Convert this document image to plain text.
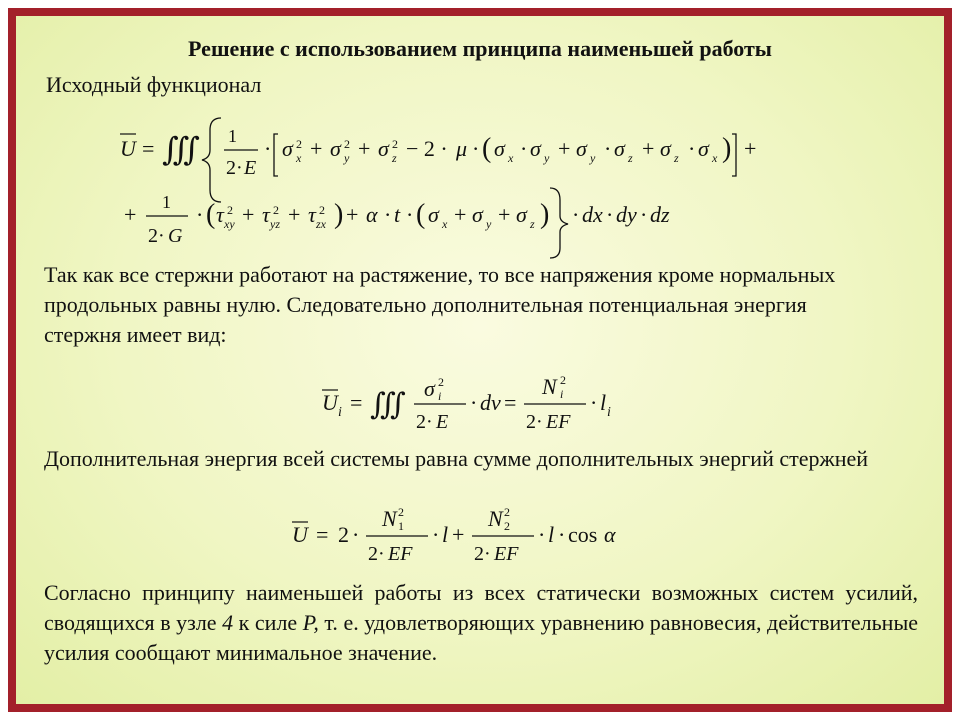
Решение с использованием принципа наименьшей работы
Исходный функционал
U = ∭ 1
2· E
· σ 2
x + σ 2
y + σ 2
z − 2 · μ · ( σ x · σ y + σ y · σ z + σ z · σ x ) +
+ 1
2· G
· ( τ 2
xy + τ 2
yz + τ 2
zx ) + α · t · ( σ x + σ y + σ z ) · dx · dy · dz
Так как все стержни работают на растяжение, то все напряжения кроме нормальных продольных равны нулю. Следовательно дополнительная потенциальная энергия стержня имеет вид:
U i = ∭ σ 2
i
2· E
· dv =
N 2
i
2· EF
· l i
Дополнительная энергия всей системы равна сумме дополнительных энергий стержней
U = 2 ·
N 2
1
2· EF
· l +
N 2
2
2· EF
· l · cos α
Согласно принципу наименьшей работы из всех статически возможных систем усилий, сводящихся в узле 4 к силе P, т. е. удовлетворяющих уравнению равновесия, действительные усилия сообщают минимальное значение.
